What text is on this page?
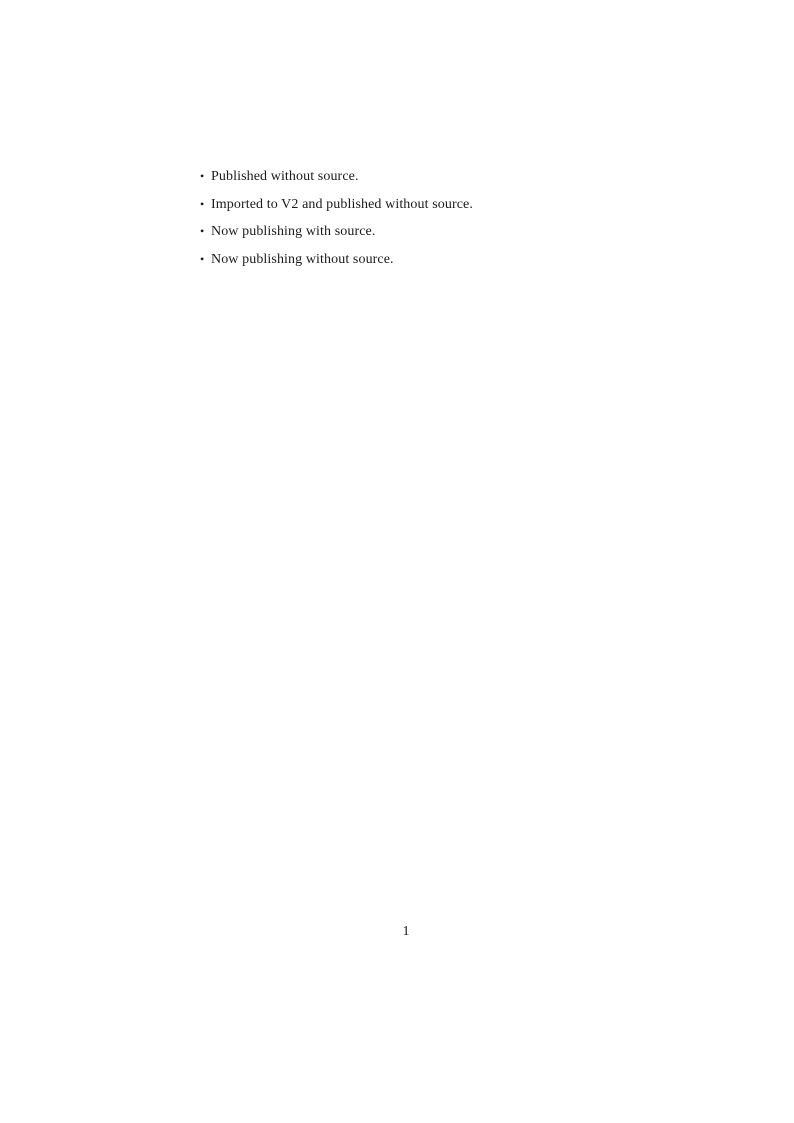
• Published without source.
• Imported to V2 and published without source.
• Now publishing with source.
• Now publishing without source.
1
